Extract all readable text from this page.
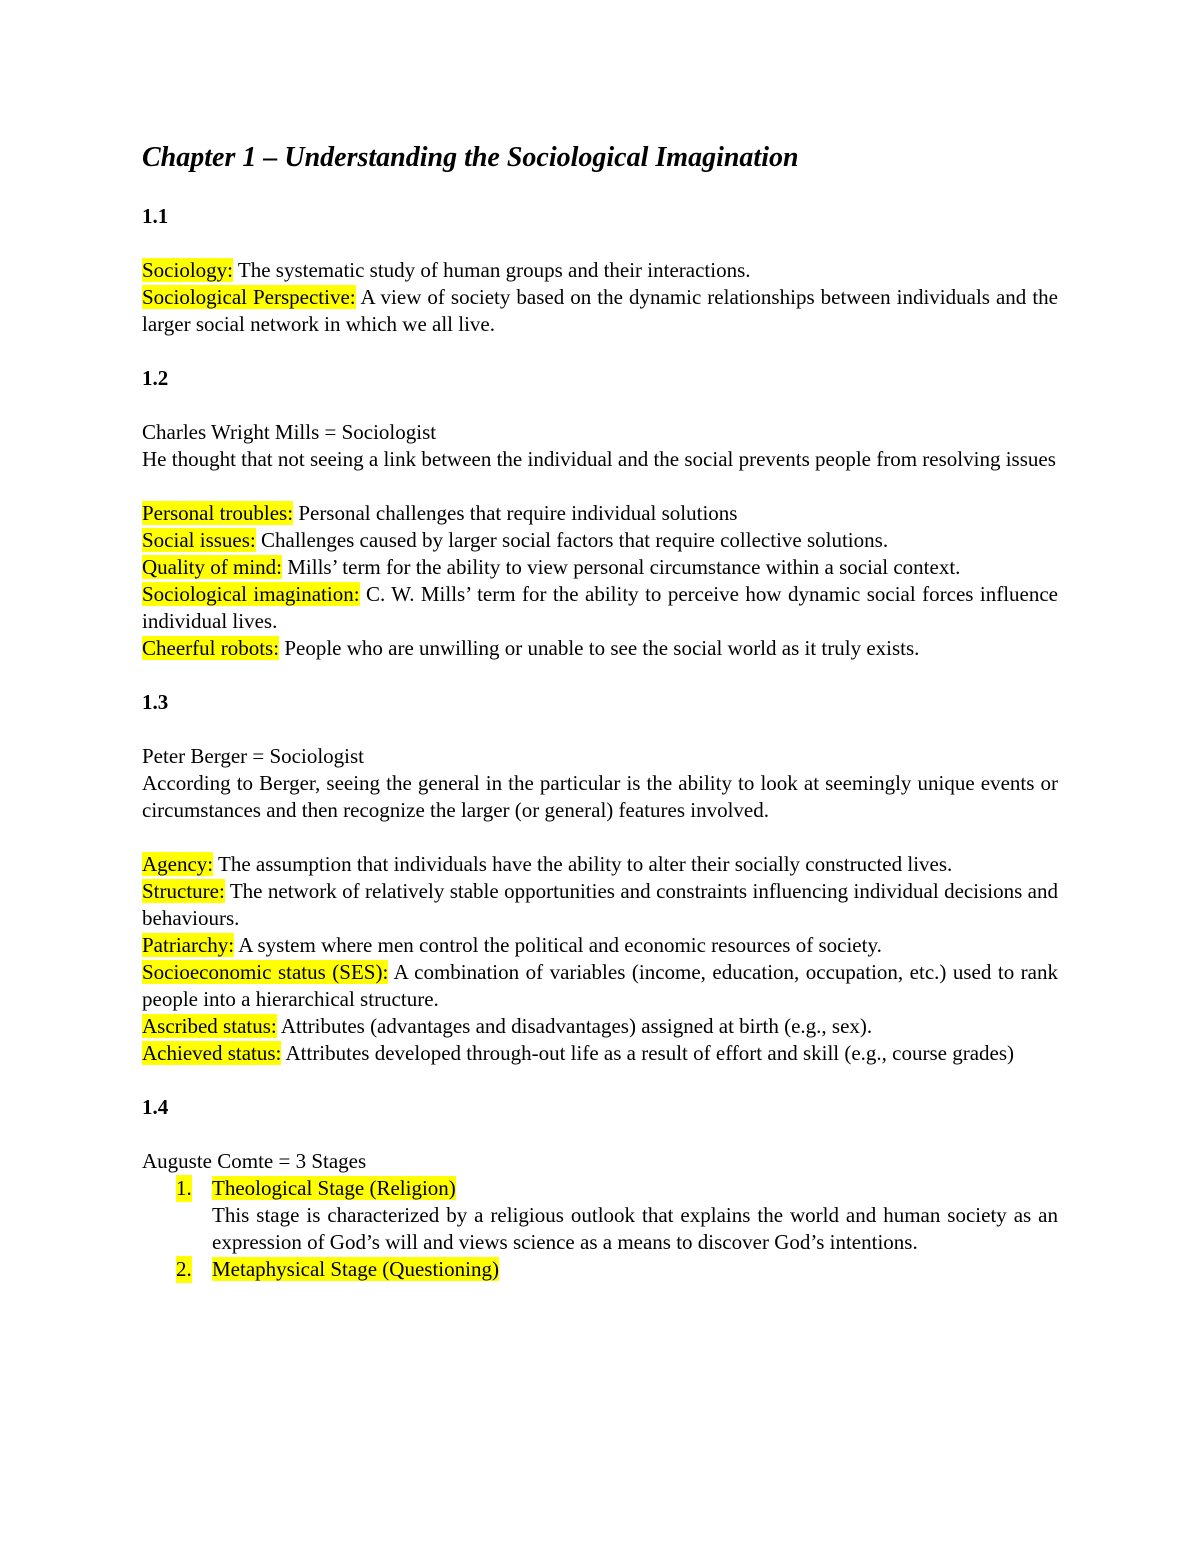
Chapter 1 – Understanding the Sociological Imagination
1.1

Sociology: The systematic study of human groups and their interactions.

Sociological Perspective: A view of society based on the dynamic relationships between individuals and the larger social network in which we all live.

1.2

Charles Wright Mills = Sociologist

He thought that not seeing a link between the individual and the social prevents people from resolving issues

Personal troubles: Personal challenges that require individual solutions

Social issues: Challenges caused by larger social factors that require collective solutions.

Quality of mind: Mills’ term for the ability to view personal circumstance within a social context.

Sociological imagination: C. W. Mills’ term for the ability to perceive how dynamic social forces influence individual lives.

Cheerful robots: People who are unwilling or unable to see the social world as it truly exists.

1.3

Peter Berger = Sociologist

According to Berger, seeing the general in the particular is the ability to look at seemingly unique events or circumstances and then recognize the larger (or general) features involved.

Agency: The assumption that individuals have the ability to alter their socially constructed lives.

Structure: The network of relatively stable opportunities and constraints influencing individual decisions and behaviours.

Patriarchy: A system where men control the political and economic resources of society.

Socioeconomic status (SES): A combination of variables (income, education, occupation, etc.) used to rank people into a hierarchical structure.

Ascribed status: Attributes (advantages and disadvantages) assigned at birth (e.g., sex).

Achieved status: Attributes developed through-out life as a result of effort and skill (e.g., course grades)

1.4

Auguste Comte = 3 Stages

1. Theological Stage (Religion)
This stage is characterized by a religious outlook that explains the world and human society as an expression of God’s will and views science as a means to discover God’s intentions.
2. Metaphysical Stage (Questioning)
